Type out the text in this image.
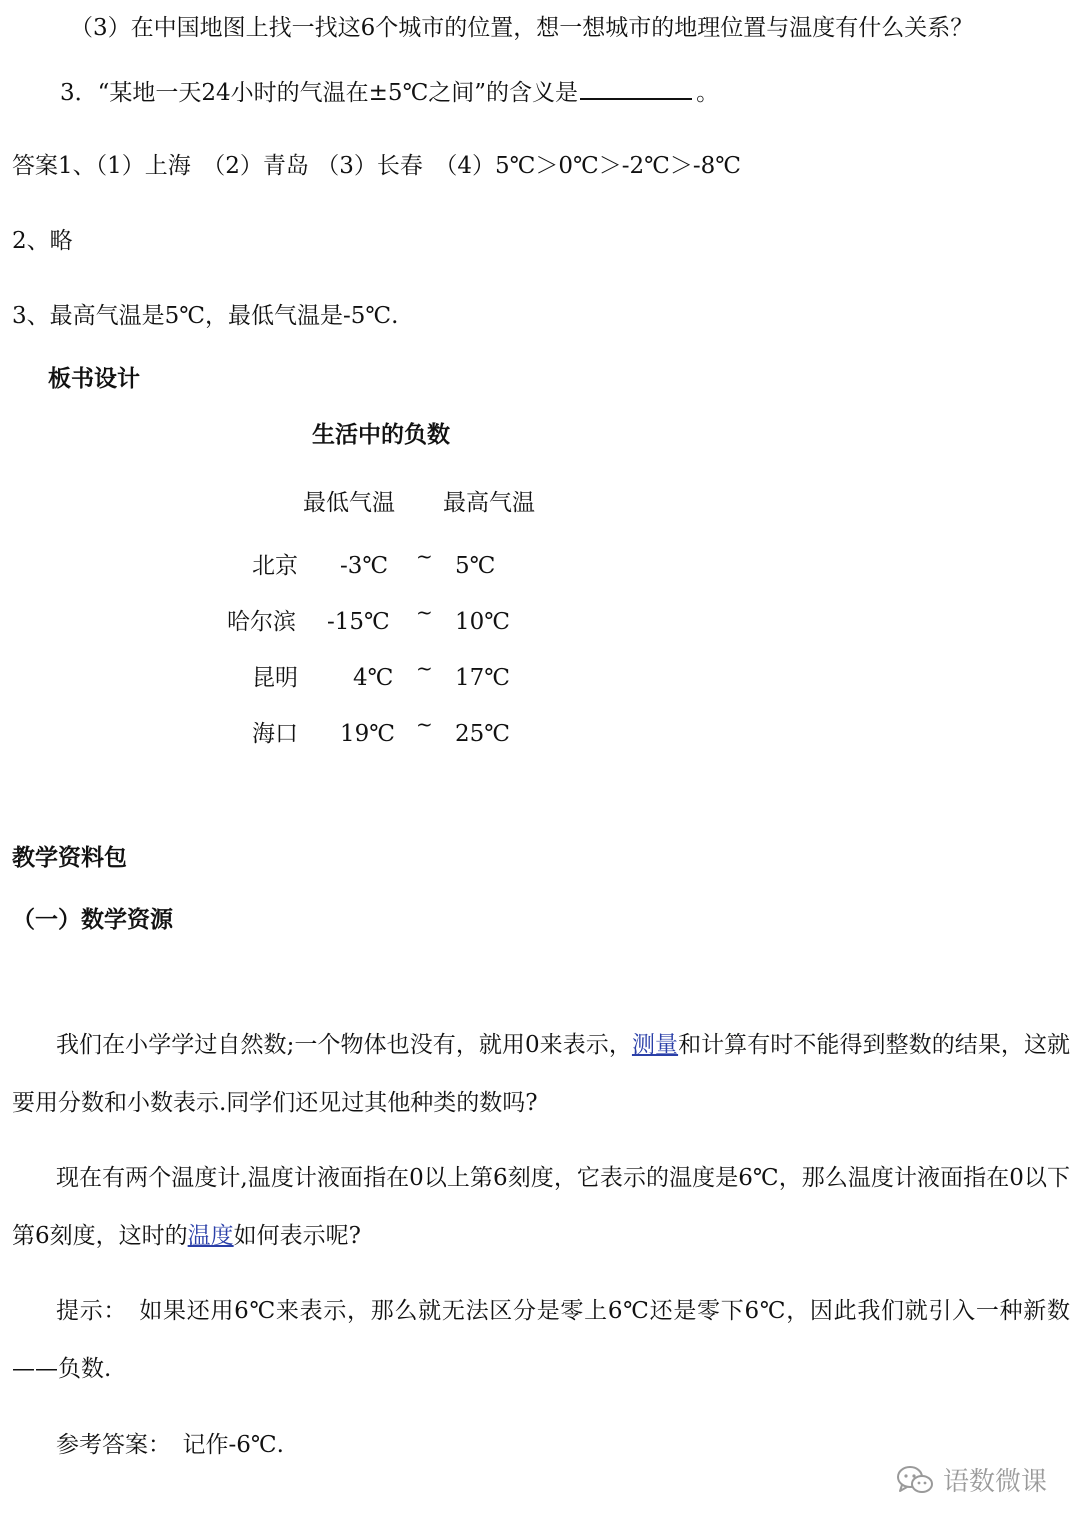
（3）在中国地图上找一找这6个城市的位置，想一想城市的地理位置与温度有什么关系？
3．“某地一天24小时的气温在±5℃之间”的含义是	。
答案1、（1）上海　（2）青岛 （3）长春　（4）5℃＞0℃＞-2℃＞-8℃
2、略
3、最高气温是5℃，最低气温是-5℃.
板书设计
生活中的负数
最低气温 最高气温
北京 -3℃ ~ 5℃
哈尔滨 -15℃ ~ 10℃
昆明 4℃ ~ 17℃
海口 19℃ ~ 25℃
教学资料包
（一）数学资源
我们在小学学过自然数;一个物体也没有，就用0来表示，测量和计算有时不能得到整数的结果，这就要用分数和小数表示.同学们还见过其他种类的数吗?
现在有两个温度计,温度计液面指在0以上第6刻度，它表示的温度是6℃，那么温度计液面指在0以下第6刻度，这时的温度如何表示呢?
提示：　如果还用6℃来表示，那么就无法区分是零上6℃还是零下6℃，因此我们就引入一种新数——负数.
参考答案：　记作-6℃.
语数微课
